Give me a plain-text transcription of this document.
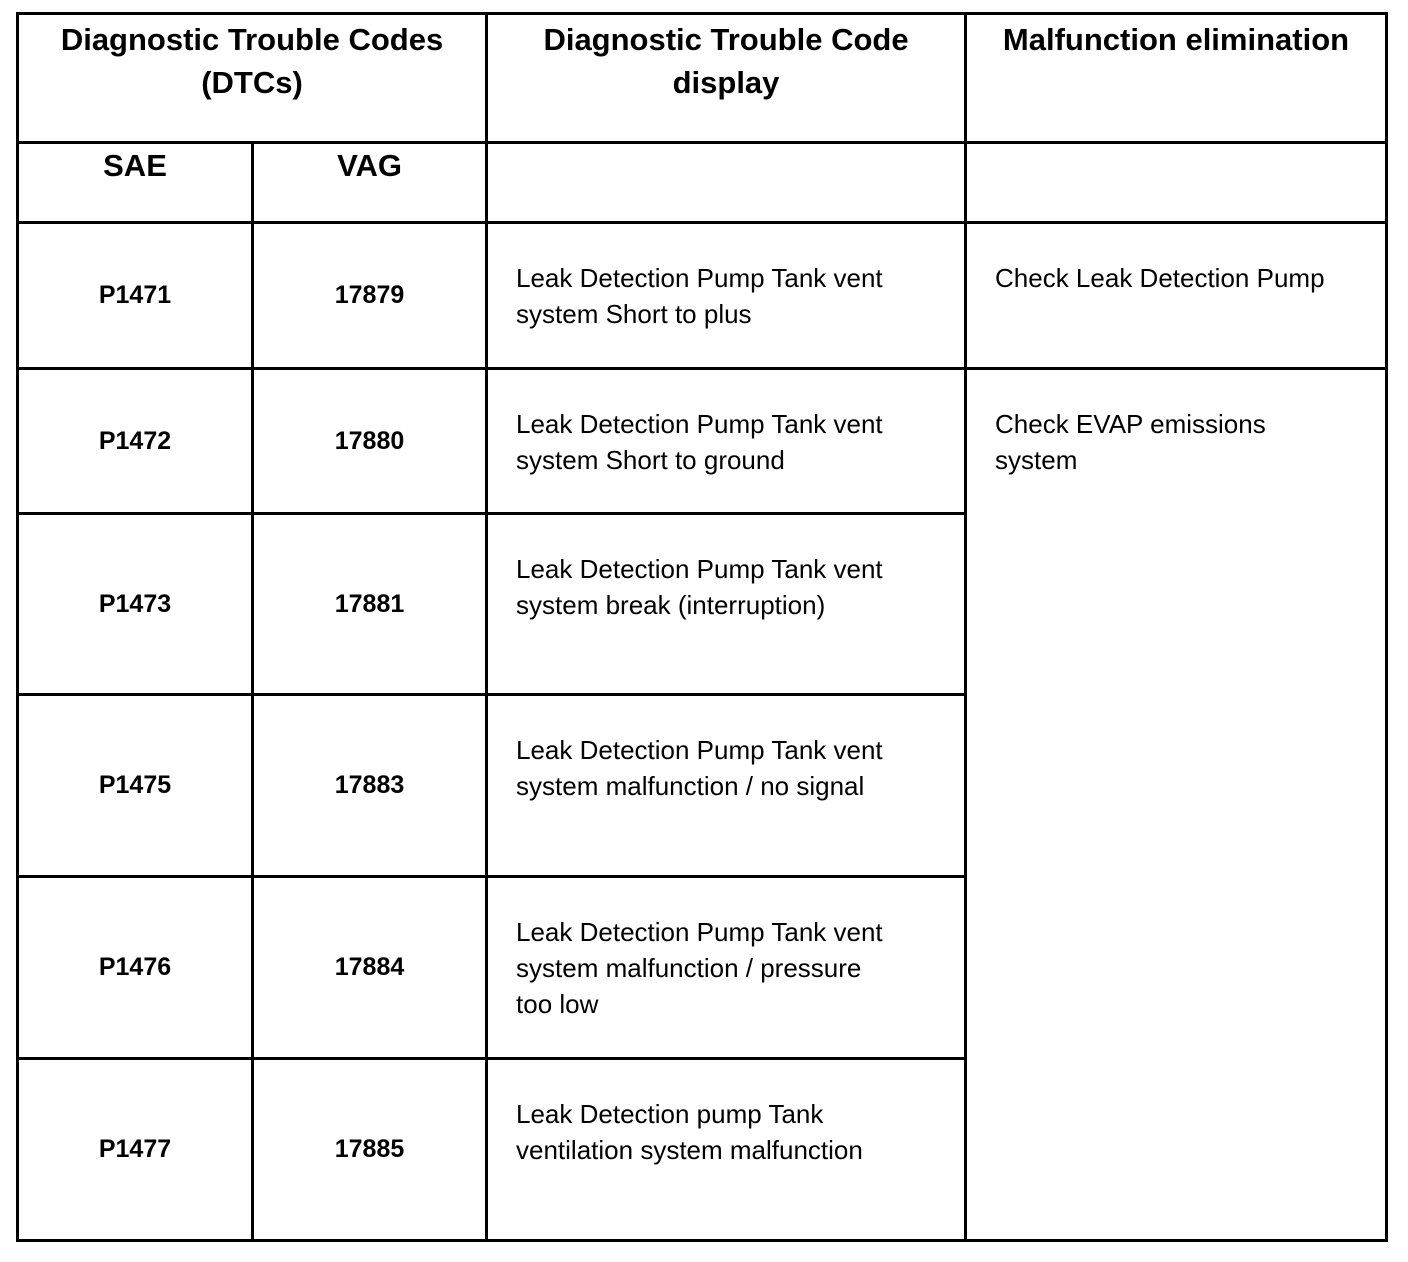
Diagnostic Trouble Codes (DTCs)		Diagnostic Trouble Code display	Malfunction elimination
SAE	VAG		
P1471	17879	Leak Detection Pump Tank vent system Short to plus	Check Leak Detection Pump

P1472	17880	Leak Detection Pump Tank vent system Short to ground	Check EVAP emissions system

P1473	17881	Leak Detection Pump Tank vent system break (interruption)	

P1475	17883	Leak Detection Pump Tank vent system malfunction / no signal	

P1476	17884	Leak Detection Pump Tank vent system malfunction / pressure too low	

P1477	17885	Leak Detection pump Tank ventilation system malfunction	
